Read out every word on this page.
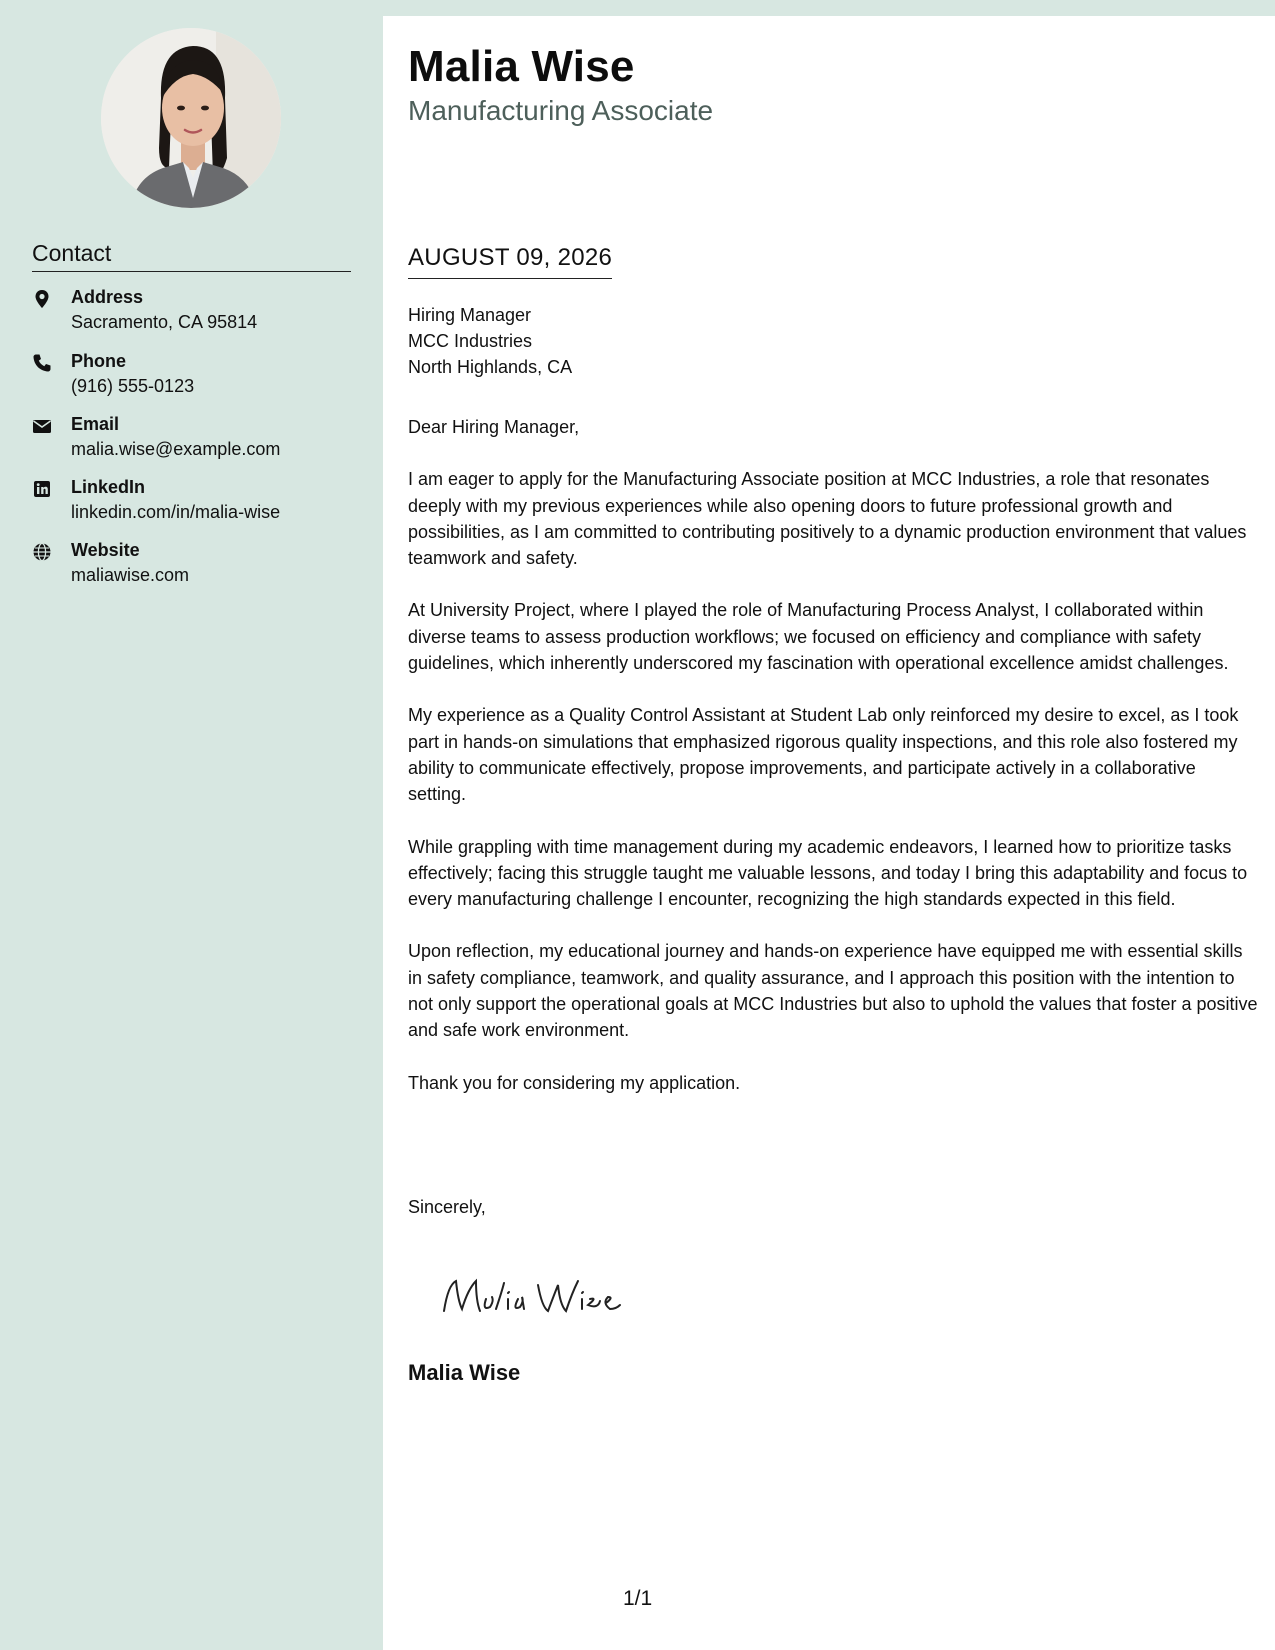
Contact
Address
Sacramento, CA 95814
Phone
(916) 555-0123
Email
malia.wise@example.com
LinkedIn
linkedin.com/in/malia-wise
Website
maliawise.com
Malia Wise
Manufacturing Associate
AUGUST 09, 2026
Hiring Manager
MCC Industries
North Highlands, CA

Dear Hiring Manager,

I am eager to apply for the Manufacturing Associate position at MCC Industries, a role that resonates deeply with my previous experiences while also opening doors to future professional growth and possibilities, as I am committed to contributing positively to a dynamic production environment that values teamwork and safety.

At University Project, where I played the role of Manufacturing Process Analyst, I collaborated within diverse teams to assess production workflows; we focused on efficiency and compliance with safety guidelines, which inherently underscored my fascination with operational excellence amidst challenges.

My experience as a Quality Control Assistant at Student Lab only reinforced my desire to excel, as I took part in hands-on simulations that emphasized rigorous quality inspections, and this role also fostered my ability to communicate effectively, propose improvements, and participate actively in a collaborative setting.

While grappling with time management during my academic endeavors, I learned how to prioritize tasks effectively; facing this struggle taught me valuable lessons, and today I bring this adaptability and focus to every manufacturing challenge I encounter, recognizing the high standards expected in this field.

Upon reflection, my educational journey and hands-on experience have equipped me with essential skills in safety compliance, teamwork, and quality assurance, and I approach this position with the intention to not only support the operational goals at MCC Industries but also to uphold the values that foster a positive and safe work environment.

Thank you for considering my application.

Sincerely,
Malia Wise
1/1
